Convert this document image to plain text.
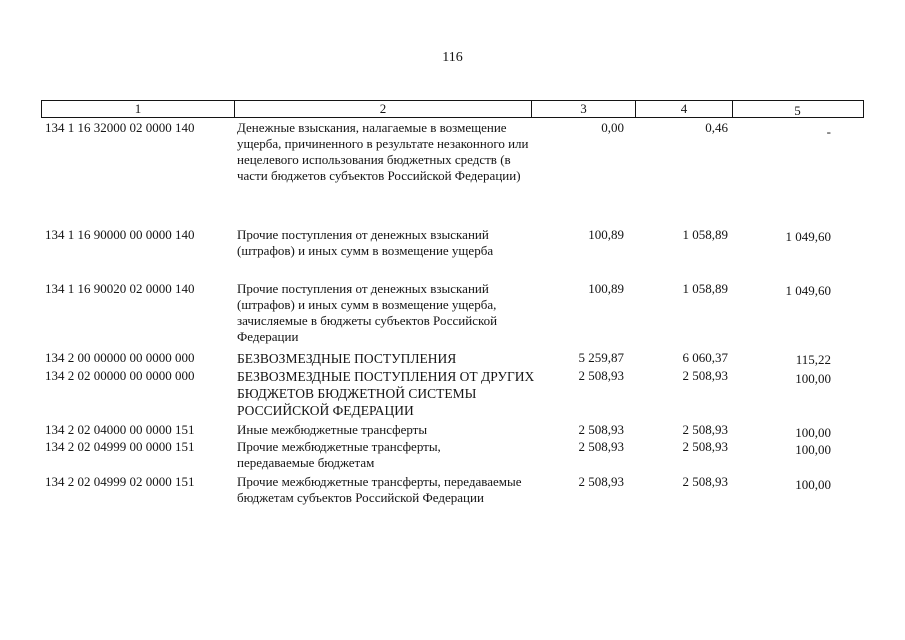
116
1	2	3	4	5
134 1 16 32000 02 0000 140	Денежные взыскания, налагаемые в возмещение ущерба, причиненного в результате незаконного или нецелевого использования бюджетных средств (в части бюджетов субъектов Российской Федерации)
0,00	0,46	-
134 1 16 90000 00 0000 140	Прочие поступления от денежных взысканий (штрафов) и иных сумм в возмещение ущерба
100,89	1 058,89	1 049,60
134 1 16 90020 02 0000 140	Прочие поступления от денежных взысканий (штрафов) и иных сумм в возмещение ущерба, зачисляемые в бюджеты субъектов Российской Федерации
100,89	1 058,89	1 049,60
134 2 00 00000 00 0000 000	БЕЗВОЗМЕЗДНЫЕ ПОСТУПЛЕНИЯ	5 259,87	6 060,37	115,22
134 2 02 00000 00 0000 000	БЕЗВОЗМЕЗДНЫЕ ПОСТУПЛЕНИЯ ОТ ДРУГИХ БЮДЖЕТОВ БЮДЖЕТНОЙ СИСТЕМЫ РОССИЙСКОЙ ФЕДЕРАЦИИ
2 508,93	2 508,93	100,00
134 2 02 04000 00 0000 151	Иные межбюджетные трансферты	2 508,93	2 508,93	100,00
134 2 02 04999 00 0000 151	Прочие межбюджетные трансферты, передаваемые бюджетам
2 508,93	2 508,93	100,00
134 2 02 04999 02 0000 151	Прочие межбюджетные трансферты, передаваемые бюджетам субъектов Российской Федерации
2 508,93	2 508,93	100,00
